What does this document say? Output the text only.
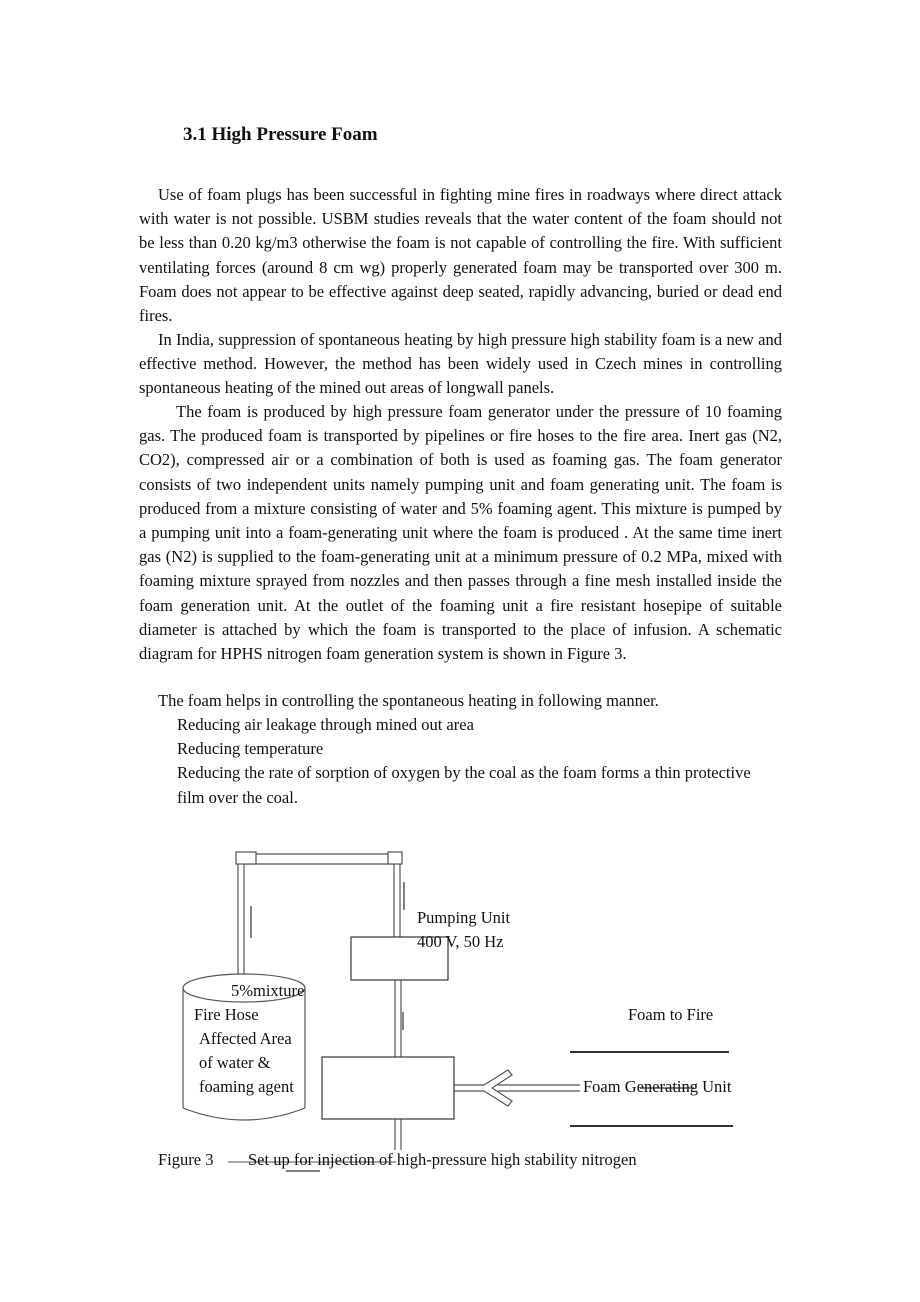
3.1 High Pressure Foam

Use of foam plugs has been successful in fighting mine fires in roadways where direct attack with water is not possible. USBM studies reveals that the water content of the foam should not be less than 0.20 kg/m3 otherwise the foam is not capable of controlling the fire. With sufficient ventilating forces (around 8 cm wg) properly generated foam may be transported over 300 m. Foam does not appear to be effective against deep seated, rapidly advancing, buried or dead end fires.

In India, suppression of spontaneous heating by high pressure high stability foam is a new and effective method. However, the method has been widely used in Czech mines in controlling spontaneous heating of the mined out areas of longwall panels.

The foam is produced by high pressure foam generator under the pressure of 10 foaming gas. The produced foam is transported by pipelines or fire hoses to the fire area. Inert gas (N2, CO2), compressed air or a combination of both is used as foaming gas. The foam generator consists of two independent units namely pumping unit and foam generating unit. The foam is produced from a mixture consisting of water and 5% foaming agent. This mixture is pumped by a pumping unit into a foam-generating unit where the foam is produced . At the same time inert gas (N2) is supplied to the foam-generating unit at a minimum pressure of 0.2 MPa, mixed with foaming mixture sprayed from nozzles and then passes through a fine mesh installed inside the foam generation unit. At the outlet of the foaming unit a fire resistant hosepipe of suitable diameter is attached by which the foam is transported to the place of infusion. A schematic diagram for HPHS nitrogen foam generation system is shown in Figure 3.

The foam helps in controlling the spontaneous heating in following manner.

Reducing air leakage through mined out area
Reducing temperature
Reducing the rate of sorption of oxygen by the coal as the foam forms a thin protective film over the coal.
Pumping Unit
400 V, 50 Hz
5%mixture
Fire Hose
Affected Area
of water &
foaming agent
Foam to Fire
Foam Generating Unit
Figure 3 Set up for injection of high-pressure high stability nitrogen
